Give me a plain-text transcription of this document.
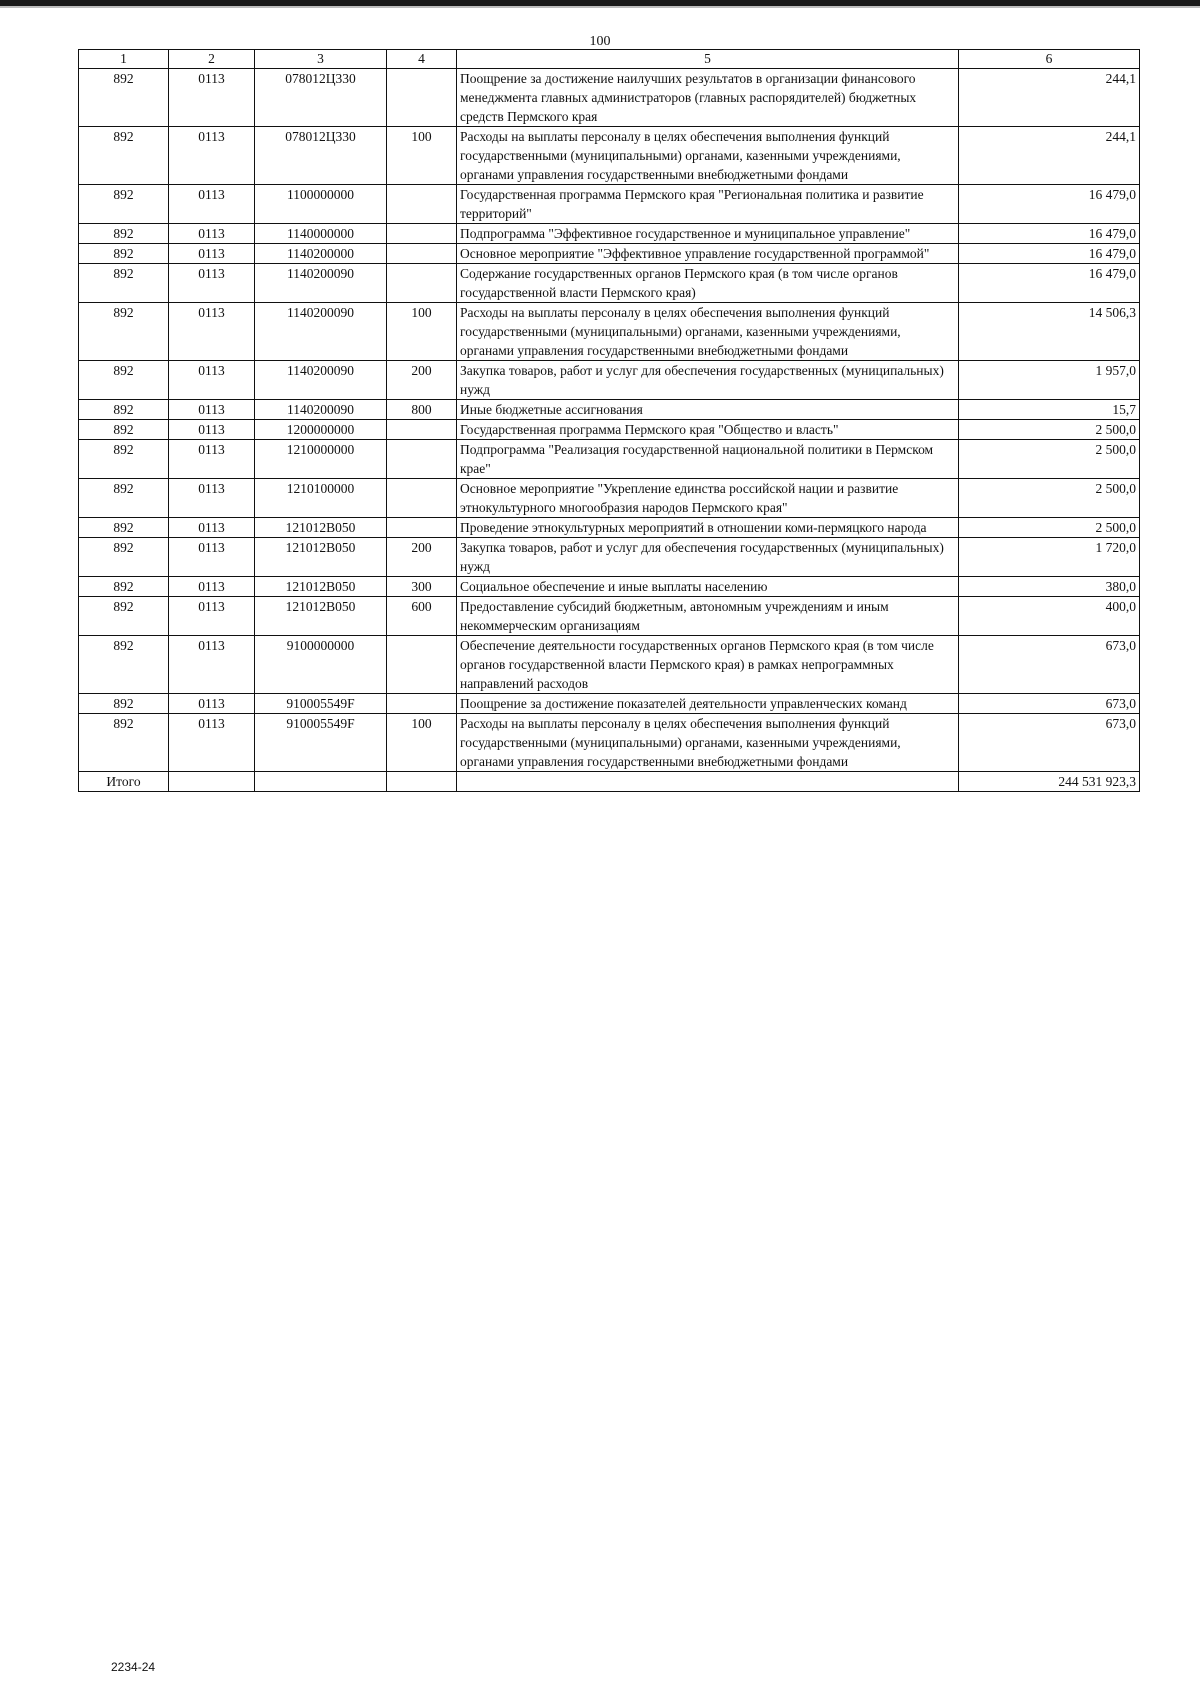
100
1	2	3	4	5	6
892	0113	078012Ц330		Поощрение за достижение наилучших результатов в организации финансового менеджмента главных администраторов (главных распорядителей) бюджетных средств Пермского края	244,1
892	0113	078012Ц330	100	Расходы на выплаты персоналу в целях обеспечения выполнения функций государственными (муниципальными) органами, казенными учреждениями, органами управления государственными внебюджетными фондами	244,1
892	0113	1100000000		Государственная программа Пермского края "Региональная политика и развитие территорий"	16 479,0
892	0113	1140000000		Подпрограмма "Эффективное государственное и муниципальное управление"	16 479,0
892	0113	1140200000		Основное мероприятие "Эффективное управление государственной программой"	16 479,0
892	0113	1140200090		Содержание государственных органов Пермского края (в том числе органов государственной власти Пермского края)	16 479,0
892	0113	1140200090	100	Расходы на выплаты персоналу в целях обеспечения выполнения функций государственными (муниципальными) органами, казенными учреждениями, органами управления государственными внебюджетными фондами	14 506,3
892	0113	1140200090	200	Закупка товаров, работ и услуг для обеспечения государственных (муниципальных) нужд	1 957,0
892	0113	1140200090	800	Иные бюджетные ассигнования	15,7
892	0113	1200000000		Государственная программа Пермского края "Общество и власть"	2 500,0
892	0113	1210000000		Подпрограмма "Реализация государственной национальной политики в Пермском крае"	2 500,0
892	0113	1210100000		Основное мероприятие "Укрепление единства российской нации и развитие этнокультурного многообразия народов Пермского края"	2 500,0
892	0113	121012В050		Проведение этнокультурных мероприятий в отношении коми-пермяцкого народа	2 500,0
892	0113	121012В050	200	Закупка товаров, работ и услуг для обеспечения государственных (муниципальных) нужд	1 720,0
892	0113	121012В050	300	Социальное обеспечение и иные выплаты населению	380,0
892	0113	121012В050	600	Предоставление субсидий бюджетным, автономным учреждениям и иным некоммерческим организациям	400,0
892	0113	9100000000		Обеспечение деятельности государственных органов Пермского края (в том числе органов государственной власти Пермского края) в рамках непрограммных направлений расходов	673,0
892	0113	910005549F		Поощрение за достижение показателей деятельности управленческих команд	673,0
892	0113	910005549F	100	Расходы на выплаты персоналу в целях обеспечения выполнения функций государственными (муниципальными) органами, казенными учреждениями, органами управления государственными внебюджетными фондами	673,0
Итого					244 531 923,3
2234-24
